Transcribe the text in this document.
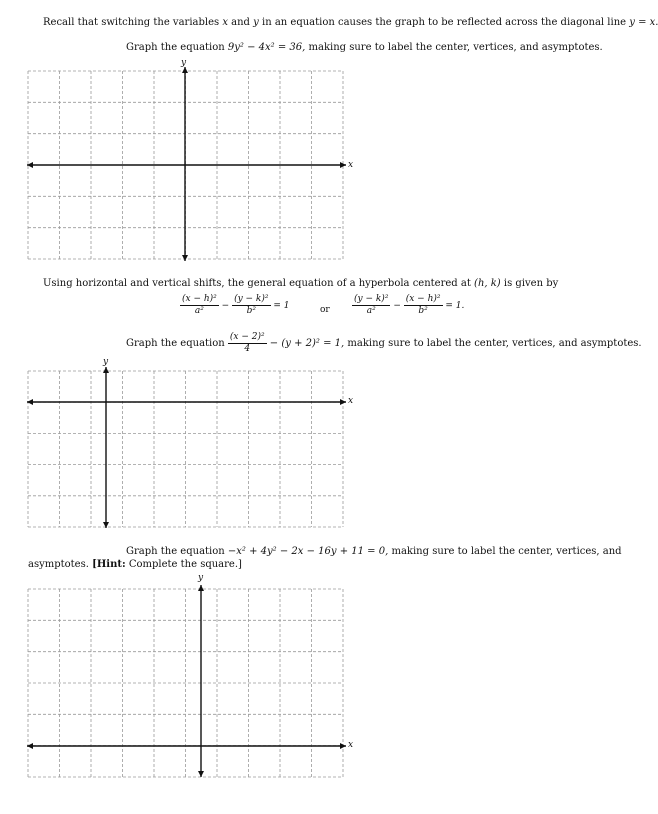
Recall that switching the variables x and y in an equation causes the graph to be reflected across the diagonal line y = x.
Graph the equation 9y² − 4x² = 36, making sure to label the center, vertices, and asymptotes.
y
x
Using horizontal and vertical shifts, the general equation of a hyperbola centered at (h, k) is given by
$\frac{\text{(x − h)²}}{\text{a²}} - \frac{\text{(y − k)²}}{\text{b²}} = 1$	or $\frac{\text{(y − k)²}}{\text{a²}} - \frac{\text{(x − h)²}}{\text{b²}} = 1$.
Graph the equation $\frac{\text{(x − 2)²}}{4} - (y + 2)^2 = 1$, making sure to label the center, vertices, and asymptotes.
y
x
Graph the equation −x² + 4y² − 2x − 16y + 11 = 0, making sure to label the center, vertices, and
asymptotes. [Hint: Complete the square.]
y
x
